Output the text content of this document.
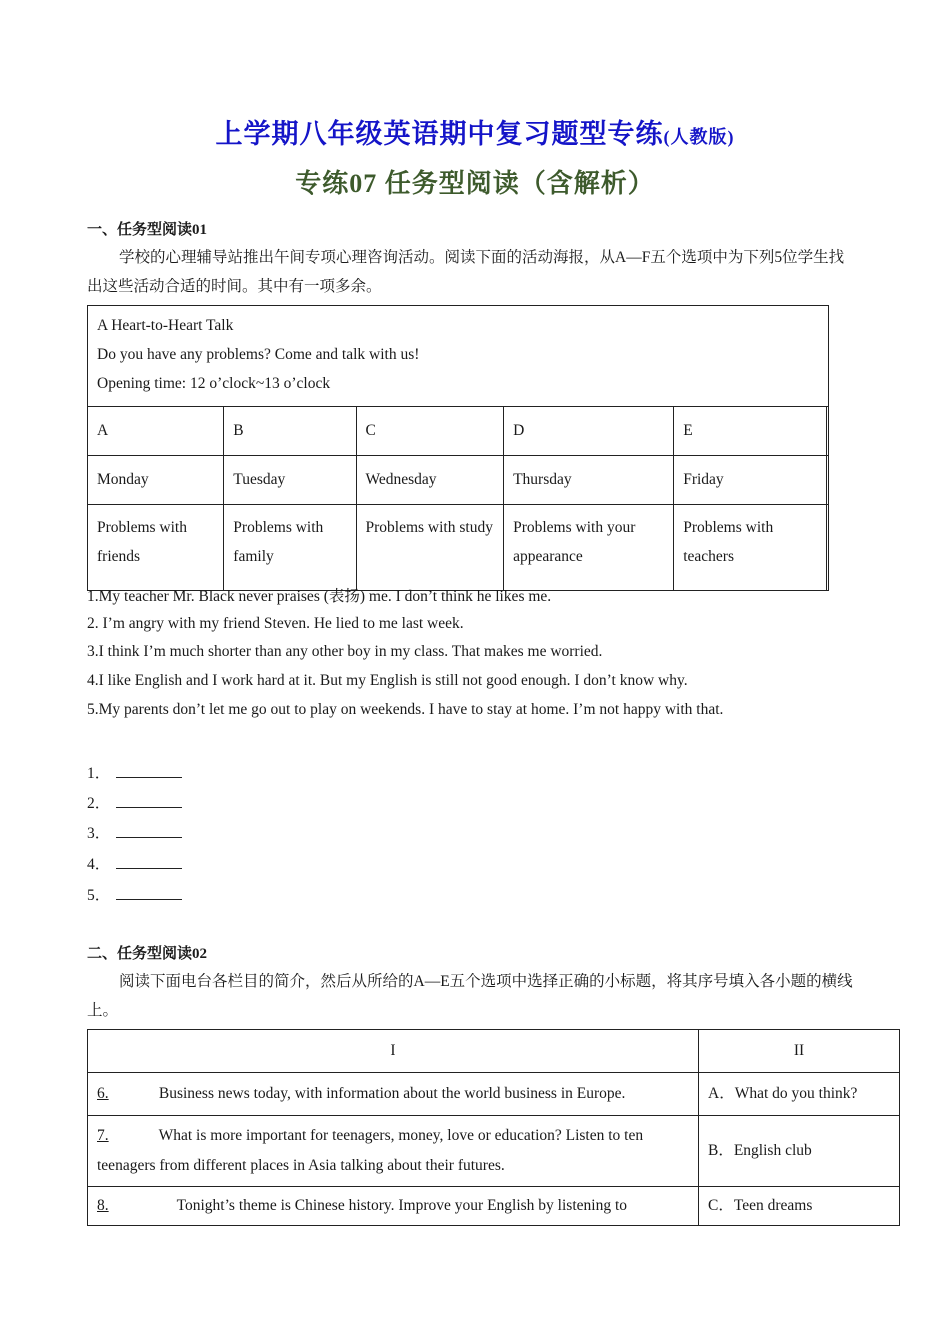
上学期八年级英语期中复习题型专练(人教版)
专练07 任务型阅读（含解析）
一、任务型阅读01
学校的心理辅导站推出午间专项心理咨询活动。阅读下面的活动海报，从A—F五个选项中为下列5位学生找出这些活动合适的时间。其中有一项多余。
A Heart-to-Heart Talk
Do you have any problems? Come and talk with us!
Opening time: 12 o’clock~13 o’clock					

A	B	C	D	E	
Monday	Tuesday	Wednesday	Thursday	Friday	
Problems with friends	Problems with family	Problems with study	Problems with your appearance	Problems with teachers	
1.My teacher Mr. Black never praises (表扬) me. I don’t think he likes me.
2. I’m angry with my friend Steven. He lied to me last week.
3.I think I’m much shorter than any other boy in my class. That makes me worried.
4.I like English and I work hard at it. But my English is still not good enough. I don’t know why.
5.My parents don’t let me go out to play on weekends. I have to stay at home. I’m not happy with that.
1．
2．
3．
4．
5．
二、任务型阅读02
阅读下面电台各栏目的简介，然后从所给的A—E五个选项中选择正确的小标题，将其序号填入各小题的横线上。
I	II
6. Business news today, with information about the world business in Europe.	A．What do you think?
7. What is more important for teenagers, money, love or education? Listen to ten teenagers from different places in Asia talking about their futures.	B．English club
8. Tonight’s theme is Chinese history. Improve your English by listening to	C．Teen dreams
